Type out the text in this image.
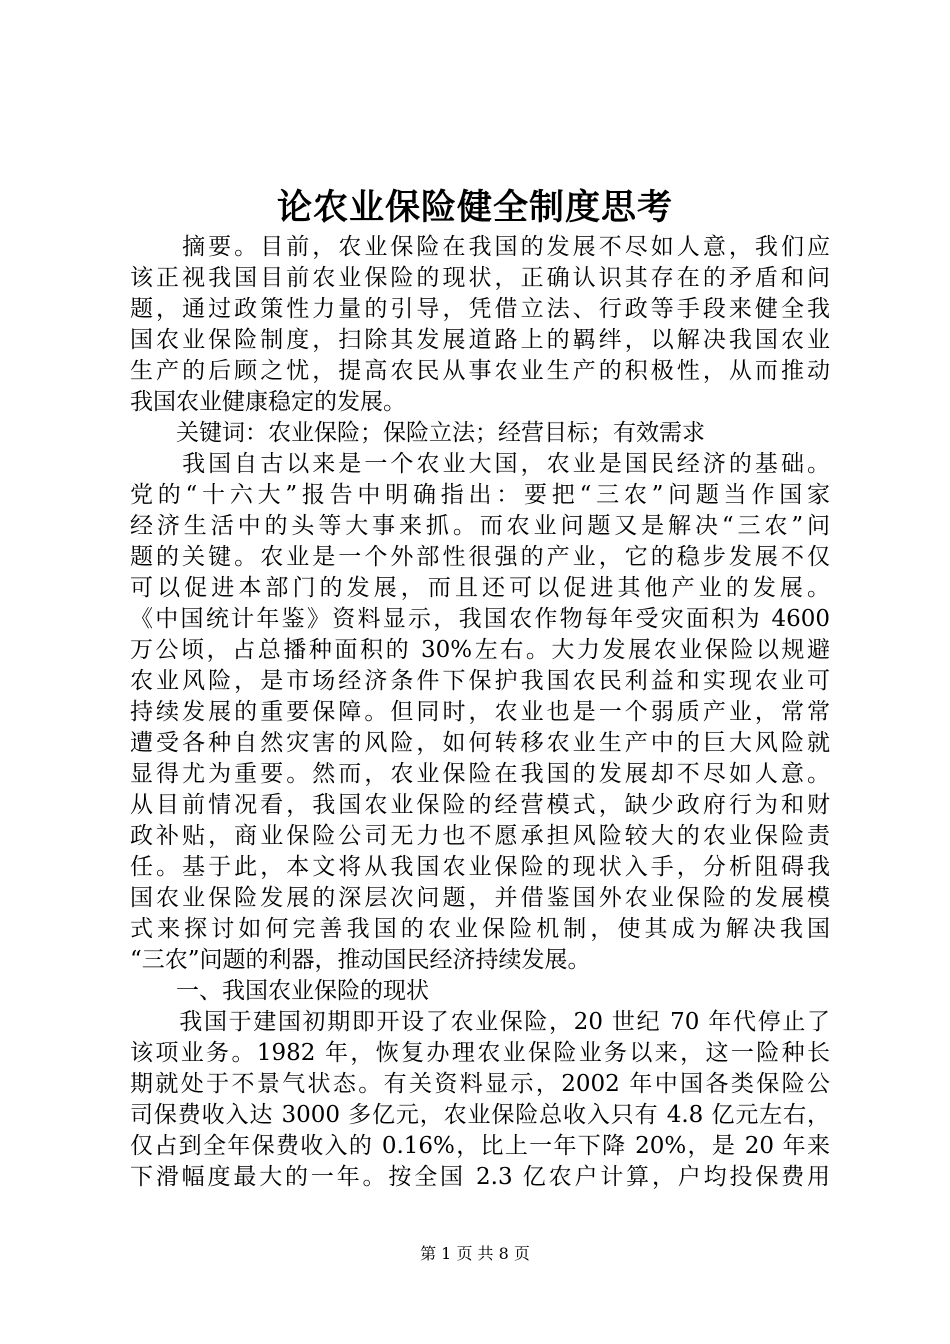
论农业保险健全制度思考
　　摘要。目前，农业保险在我国的发展不尽如人意，我们应
该正视我国目前农业保险的现状，正确认识其存在的矛盾和问
题，通过政策性力量的引导，凭借立法、行政等手段来健全我
国农业保险制度，扫除其发展道路上的羁绊，以解决我国农业
生产的后顾之忧，提高农民从事农业生产的积极性，从而推动
我国农业健康稳定的发展。
　　关键词：农业保险；保险立法；经营目标；有效需求
　　我国自古以来是一个农业大国，农业是国民经济的基础。
党的“十六大”报告中明确指出：要把“三农”问题当作国家
经济生活中的头等大事来抓。而农业问题又是解决“三农”问
题的关键。农业是一个外部性很强的产业，它的稳步发展不仅
可以促进本部门的发展，而且还可以促进其他产业的发展。
《中国统计年鉴》资料显示，我国农作物每年受灾面积为 4600
万公顷，占总播种面积的 30%左右。大力发展农业保险以规避
农业风险，是市场经济条件下保护我国农民利益和实现农业可
持续发展的重要保障。但同时，农业也是一个弱质产业，常常
遭受各种自然灾害的风险，如何转移农业生产中的巨大风险就
显得尤为重要。然而，农业保险在我国的发展却不尽如人意。
从目前情况看，我国农业保险的经营模式，缺少政府行为和财
政补贴，商业保险公司无力也不愿承担风险较大的农业保险责
任。基于此，本文将从我国农业保险的现状入手，分析阻碍我
国农业保险发展的深层次问题，并借鉴国外农业保险的发展模
式来探讨如何完善我国的农业保险机制，使其成为解决我国
“三农”问题的利器，推动国民经济持续发展。
　　一、我国农业保险的现状
　　我国于建国初期即开设了农业保险，20 世纪 70 年代停止了
该项业务。1982 年，恢复办理农业保险业务以来，这一险种长
期就处于不景气状态。有关资料显示，2002 年中国各类保险公
司保费收入达 3000 多亿元，农业保险总收入只有 4.8 亿元左右，
仅占到全年保费收入的 0.16%，比上一年下降 20%，是 20 年来
下滑幅度最大的一年。按全国 2.3 亿农户计算，户均投保费用
第 1 页 共 8 页
